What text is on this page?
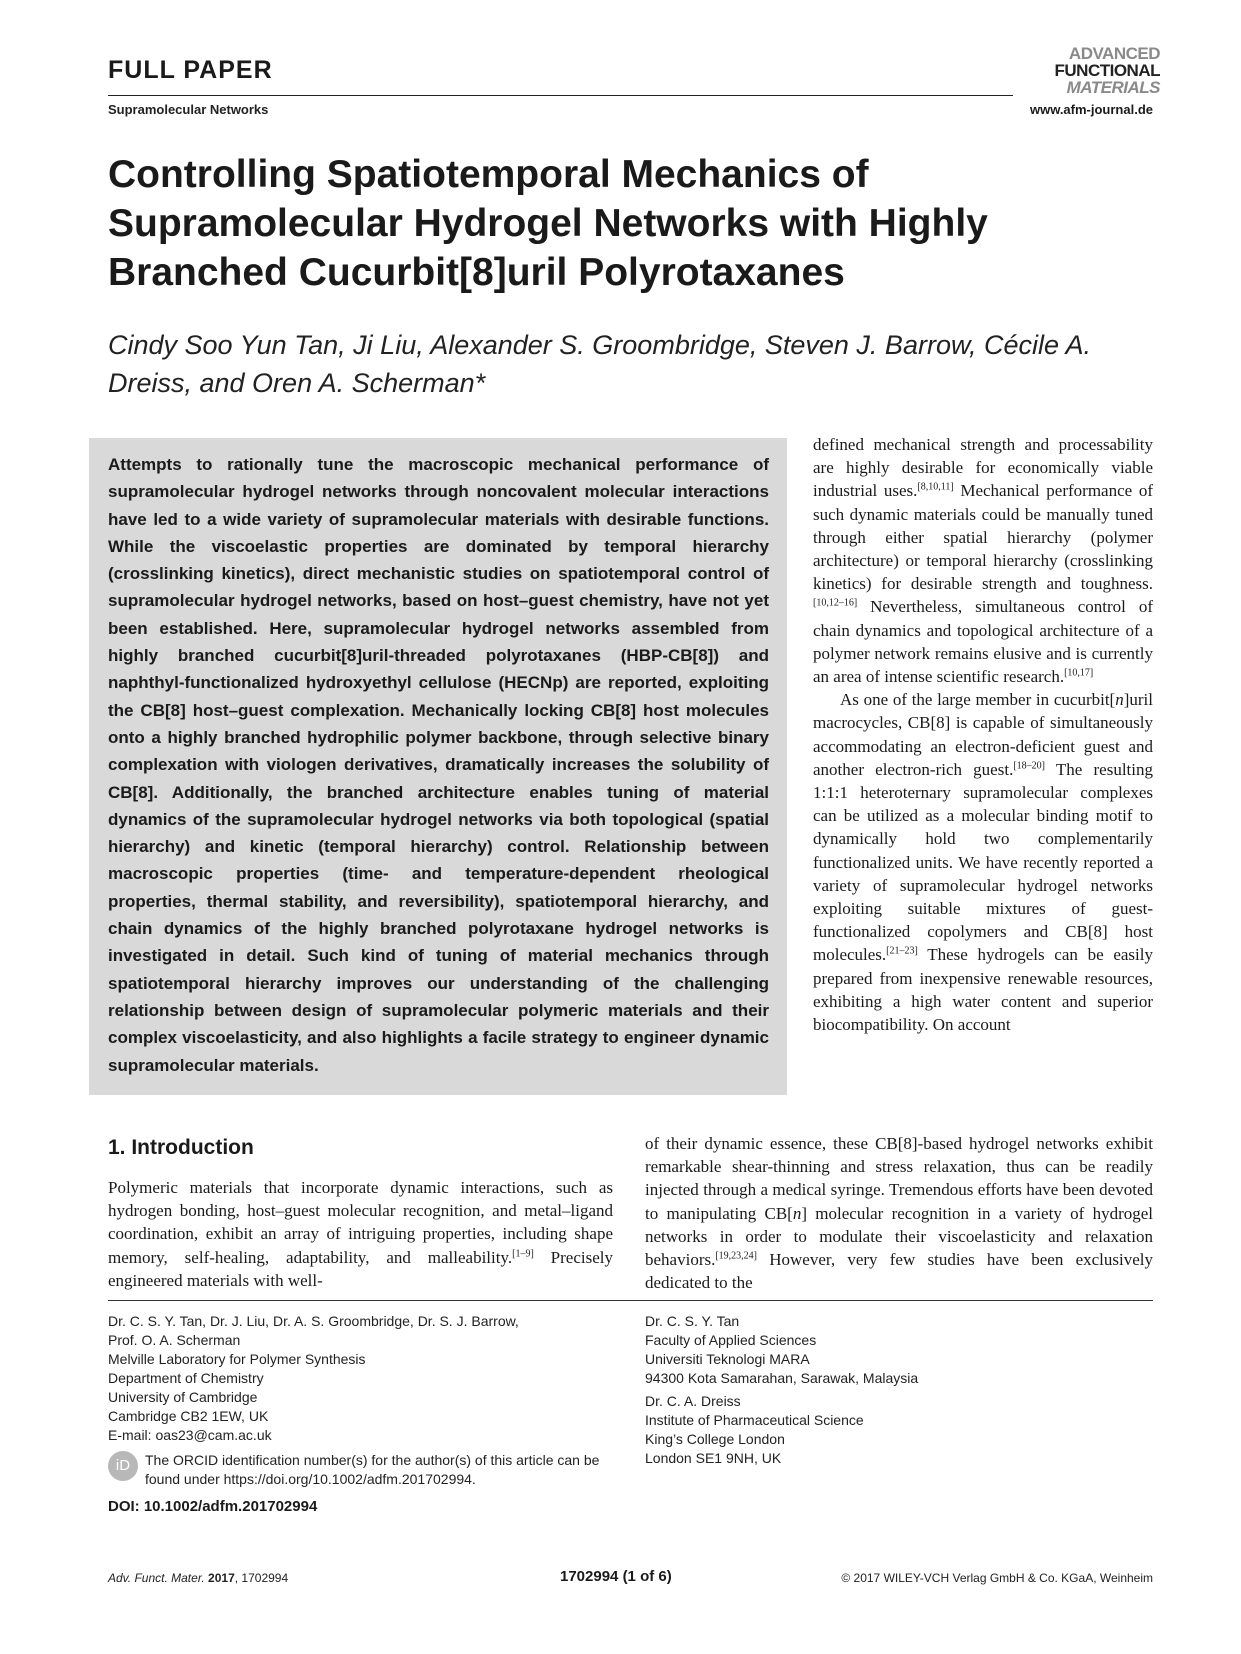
FULL PAPER
Supramolecular Networks
ADVANCED
FUNCTIONAL
MATERIALS
www.afm-journal.de
Controlling Spatiotemporal Mechanics of Supramolecular Hydrogel Networks with Highly Branched Cucurbit[8]uril Polyrotaxanes
Cindy Soo Yun Tan, Ji Liu, Alexander S. Groombridge, Steven J. Barrow, Cécile A. Dreiss, and Oren A. Scherman*
Attempts to rationally tune the macroscopic mechanical performance of supramolecular hydrogel networks through noncovalent molecular interactions have led to a wide variety of supramolecular materials with desirable functions. While the viscoelastic properties are dominated by temporal hierarchy (crosslinking kinetics), direct mechanistic studies on spatiotemporal control of supramolecular hydrogel networks, based on host–guest chemistry, have not yet been established. Here, supramolecular hydrogel networks assembled from highly branched cucurbit[8]uril-threaded polyrotaxanes (HBP-CB[8]) and naphthyl-functionalized hydroxyethyl cellulose (HECNp) are reported, exploiting the CB[8] host–guest complexation. Mechanically locking CB[8] host molecules onto a highly branched hydrophilic polymer backbone, through selective binary complexation with viologen derivatives, dramatically increases the solubility of CB[8]. Additionally, the branched architecture enables tuning of material dynamics of the supramolecular hydrogel networks via both topological (spatial hierarchy) and kinetic (temporal hierarchy) control. Relationship between macroscopic properties (time- and temperature-dependent rheological properties, thermal stability, and reversibility), spatiotemporal hierarchy, and chain dynamics of the highly branched polyrotaxane hydrogel networks is investigated in detail. Such kind of tuning of material mechanics through spatiotemporal hierarchy improves our understanding of the challenging relationship between design of supramolecular polymeric materials and their complex viscoelasticity, and also highlights a facile strategy to engineer dynamic supramolecular materials.
defined mechanical strength and processability are highly desirable for economically viable industrial uses.[8,10,11] Mechanical performance of such dynamic materials could be manually tuned through either spatial hierarchy (polymer architecture) or temporal hierarchy (crosslinking kinetics) for desirable strength and toughness.[10,12–16] Nevertheless, simultaneous control of chain dynamics and topological architecture of a polymer network remains elusive and is currently an area of intense scientific research.[10,17]
As one of the large member in cucurbit[n]uril macrocycles, CB[8] is capable of simultaneously accommodating an electron-deficient guest and another electron-rich guest.[18–20] The resulting 1:1:1 heteroternary supramolecular complexes can be utilized as a molecular binding motif to dynamically hold two complementarily functionalized units. We have recently reported a variety of supramolecular hydrogel networks exploiting suitable mixtures of guest-functionalized copolymers and CB[8] host molecules.[21–23] These hydrogels can be easily prepared from inexpensive renewable resources, exhibiting a high water content and superior biocompatibility. On account
of their dynamic essence, these CB[8]-based hydrogel networks exhibit remarkable shear-thinning and stress relaxation, thus can be readily injected through a medical syringe. Tremendous efforts have been devoted to manipulating CB[n] molecular recognition in a variety of hydrogel networks in order to modulate their viscoelasticity and relaxation behaviors.[19,23,24] However, very few studies have been exclusively dedicated to the
1. Introduction
Polymeric materials that incorporate dynamic interactions, such as hydrogen bonding, host–guest molecular recognition, and metal–ligand coordination, exhibit an array of intriguing properties, including shape memory, self-healing, adaptability, and malleability.[1–9] Precisely engineered materials with well-
Dr. C. S. Y. Tan, Dr. J. Liu, Dr. A. S. Groombridge, Dr. S. J. Barrow,
Prof. O. A. Scherman
Melville Laboratory for Polymer Synthesis
Department of Chemistry
University of Cambridge
Cambridge CB2 1EW, UK
E-mail: oas23@cam.ac.uk
iD	The ORCID identification number(s) for the author(s) of this article can be found under https://doi.org/10.1002/adfm.201702994.
DOI: 10.1002/adfm.201702994
Dr. C. S. Y. Tan
Faculty of Applied Sciences
Universiti Teknologi MARA
94300 Kota Samarahan, Sarawak, Malaysia
Dr. C. A. Dreiss
Institute of Pharmaceutical Science
King’s College London
London SE1 9NH, UK
Adv. Funct. Mater. 2017, 1702994	1702994 (1 of 6)	© 2017 WILEY-VCH Verlag GmbH & Co. KGaA, Weinheim
